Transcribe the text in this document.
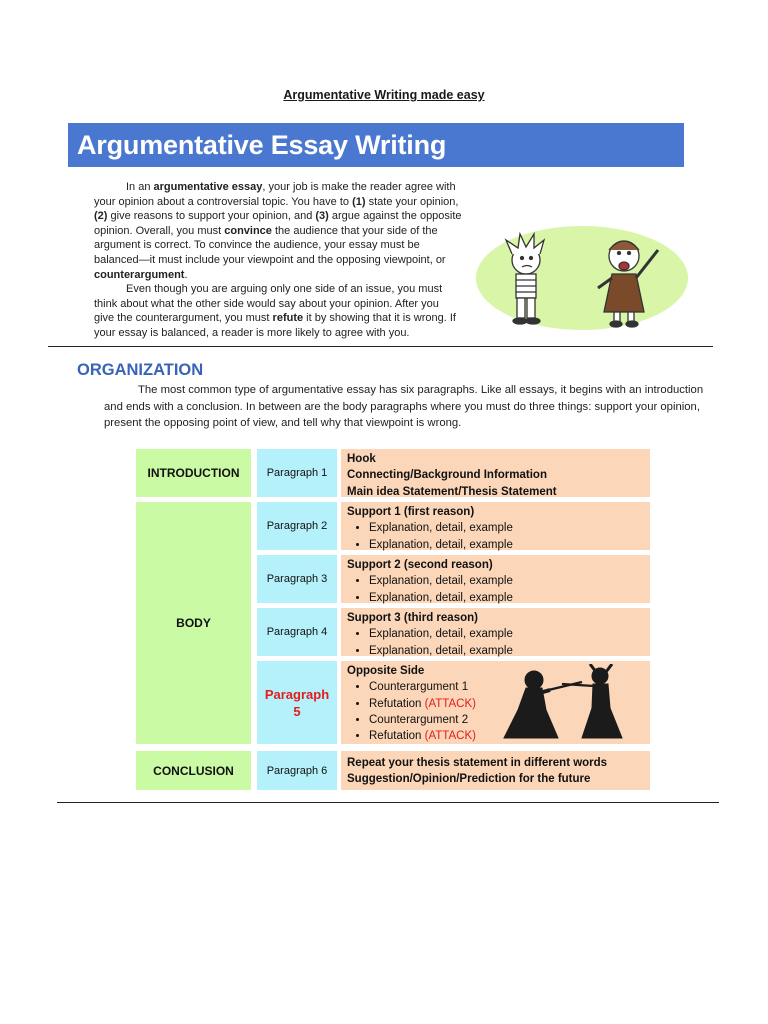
Argumentative Writing made easy
Argumentative Essay Writing

In an argumentative essay, your job is make the reader agree with your opinion about a controversial topic. You have to (1) state your opinion, (2) give reasons to support your opinion, and (3) argue against the opposite opinion. Overall, you must convince the audience that your side of the argument is correct. To convince the audience, your essay must be balanced—it must include your viewpoint and the opposing viewpoint, or counterargument.

Even though you are arguing only one side of an issue, you must think about what the other side would say about your opinion. After you give the counterargument, you must refute it by showing that it is wrong. If your essay is balanced, a reader is more likely to agree with you.

ORGANIZATION
The most common type of argumentative essay has six paragraphs. Like all essays, it begins with an introduction and ends with a conclusion. In between are the body paragraphs where you must do three things: support your opinion, present the opposing point of view, and tell why that viewpoint is wrong.
INTRODUCTION
BODY
CONCLUSION
Paragraph 1
Paragraph 2
Paragraph 3
Paragraph 4
Paragraph
5
Paragraph 6
Hook
Connecting/Background Information
Main idea Statement/Thesis Statement
Support 1 (first reason)
• Explanation, detail, example
• Explanation, detail, example
Support 2 (second reason)
• Explanation, detail, example
• Explanation, detail, example
Support 3 (third reason)
• Explanation, detail, example
• Explanation, detail, example
Opposite Side
• Counterargument 1
• Refutation (ATTACK)
• Counterargument 2
• Refutation (ATTACK)
Repeat your thesis statement in different words
Suggestion/Opinion/Prediction for the future
